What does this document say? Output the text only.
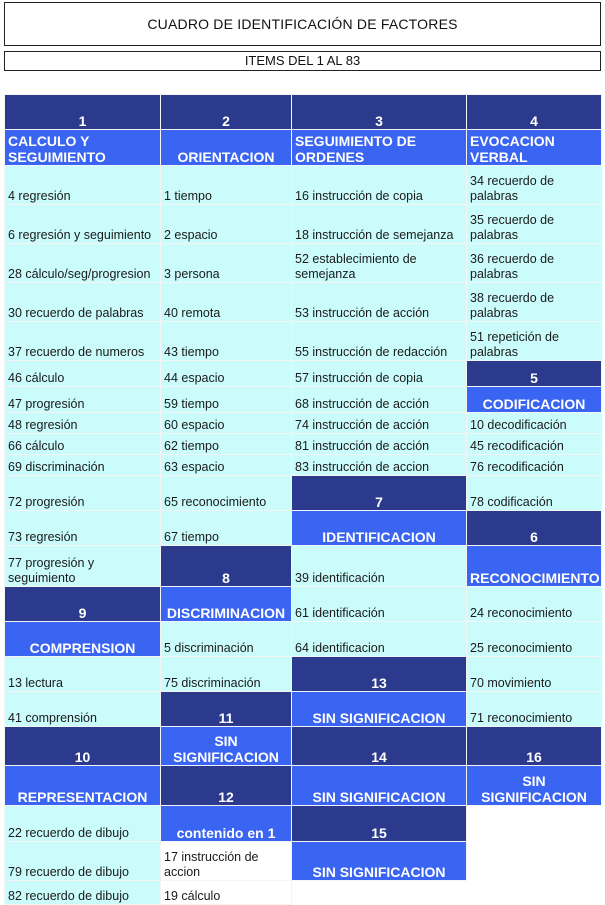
CUADRO DE IDENTIFICACIÓN DE FACTORES
ITEMS DEL 1 AL 83
1	2	3	4
CALCULO Y SEGUIMIENTO	ORIENTACION	SEGUIMIENTO DE ORDENES	EVOCACION VERBAL
4 regresión	1 tiempo	16 instrucción de copia	34 recuerdo de palabras
6 regresión y seguimiento	2 espacio	18 instrucción de semejanza	35 recuerdo de palabras
28 cálculo/seg/progresion	3 persona	52 establecimiento de semejanza	36 recuerdo de palabras
30 recuerdo de palabras	40 remota	53 instrucción de acción	38 recuerdo de palabras
37 recuerdo de numeros	43 tiempo	55 instrucción de redacción	51 repetición de palabras
46 cálculo	44 espacio	57 instrucción de copia	5
47 progresión	59 tiempo	68 instrucción de acción	CODIFICACION
48 regresión	60 espacio	74 instrucción de acción	10 decodificación
66 cálculo	62 tiempo	81 instrucción de acción	45 recodificación
69 discriminación	63 espacio	83 instrucción de accion	76 recodificación
72 progresión	65 reconocimiento	7	78 codificación
73 regresión	67 tiempo	IDENTIFICACION	6
77 progresión y seguimiento	8	39 identificación	RECONOCIMIENTO
9	DISCRIMINACION	61 identificación	24 reconocimiento
COMPRENSION	5 discriminación	64 identificacion	25 reconocimiento
13 lectura	75 discriminación	13	70 movimiento
41 comprensión	11	SIN SIGNIFICACION	71 reconocimiento
10	SIN SIGNIFICACION	14	16
REPRESENTACION	12	SIN SIGNIFICACION	SIN SIGNIFICACION
22 recuerdo de dibujo	contenido en 1	15	
79 recuerdo de dibujo	17 instrucción de accion	SIN SIGNIFICACION	
82 recuerdo de dibujo	19 cálculo		
